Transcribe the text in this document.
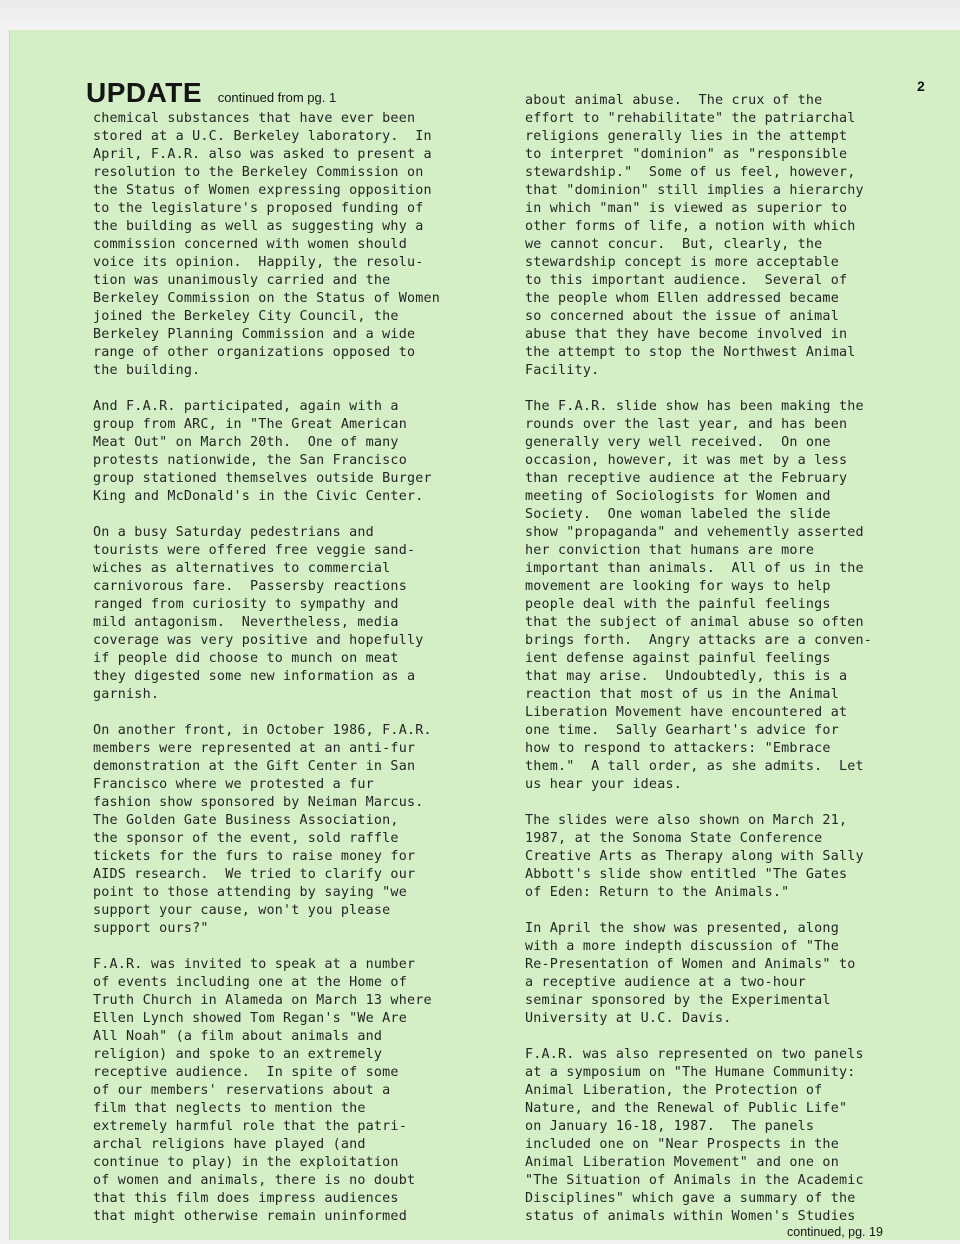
UPDATE continued from pg. 1
2
chemical substances that have ever been
stored at a U.C. Berkeley laboratory.  In
April, F.A.R. also was asked to present a
resolution to the Berkeley Commission on
the Status of Women expressing opposition
to the legislature's proposed funding of
the building as well as suggesting why a
commission concerned with women should
voice its opinion.  Happily, the resolu-
tion was unanimously carried and the
Berkeley Commission on the Status of Women
joined the Berkeley City Council, the
Berkeley Planning Commission and a wide
range of other organizations opposed to
the building.
And F.A.R. participated, again with a
group from ARC, in "The Great American
Meat Out" on March 20th.  One of many
protests nationwide, the San Francisco
group stationed themselves outside Burger
King and McDonald's in the Civic Center.
On a busy Saturday pedestrians and
tourists were offered free veggie sand-
wiches as alternatives to commercial
carnivorous fare.  Passersby reactions
ranged from curiosity to sympathy and
mild antagonism.  Nevertheless, media
coverage was very positive and hopefully
if people did choose to munch on meat
they digested some new information as a
garnish.
On another front, in October 1986, F.A.R.
members were represented at an anti-fur
demonstration at the Gift Center in San
Francisco where we protested a fur
fashion show sponsored by Neiman Marcus.
The Golden Gate Business Association,
the sponsor of the event, sold raffle
tickets for the furs to raise money for
AIDS research.  We tried to clarify our
point to those attending by saying "we
support your cause, won't you please
support ours?"
F.A.R. was invited to speak at a number
of events including one at the Home of
Truth Church in Alameda on March 13 where
Ellen Lynch showed Tom Regan's "We Are
All Noah" (a film about animals and
religion) and spoke to an extremely
receptive audience.  In spite of some
of our members' reservations about a
film that neglects to mention the
extremely harmful role that the patri-
archal religions have played (and
continue to play) in the exploitation
of women and animals, there is no doubt
that this film does impress audiences
that might otherwise remain uninformed
about animal abuse.  The crux of the
effort to "rehabilitate" the patriarchal
religions generally lies in the attempt
to interpret "dominion" as "responsible
stewardship."  Some of us feel, however,
that "dominion" still implies a hierarchy
in which "man" is viewed as superior to
other forms of life, a notion with which
we cannot concur.  But, clearly, the
stewardship concept is more acceptable
to this important audience.  Several of
the people whom Ellen addressed became
so concerned about the issue of animal
abuse that they have become involved in
the attempt to stop the Northwest Animal
Facility.
The F.A.R. slide show has been making the
rounds over the last year, and has been
generally very well received.  On one
occasion, however, it was met by a less
than receptive audience at the February
meeting of Sociologists for Women and
Society.  One woman labeled the slide
show "propaganda" and vehemently asserted
her conviction that humans are more
important than animals.  All of us in the
movement are looking for ways to help
people deal with the painful feelings
that the subject of animal abuse so often
brings forth.  Angry attacks are a conven-
ient defense against painful feelings
that may arise.  Undoubtedly, this is a
reaction that most of us in the Animal
Liberation Movement have encountered at
one time.  Sally Gearhart's advice for
how to respond to attackers: "Embrace
them."  A tall order, as she admits.  Let
us hear your ideas.
The slides were also shown on March 21,
1987, at the Sonoma State Conference
Creative Arts as Therapy along with Sally
Abbott's slide show entitled "The Gates
of Eden: Return to the Animals."
In April the show was presented, along
with a more indepth discussion of "The
Re-Presentation of Women and Animals" to
a receptive audience at a two-hour
seminar sponsored by the Experimental
University at U.C. Davis.
F.A.R. was also represented on two panels
at a symposium on "The Humane Community:
Animal Liberation, the Protection of
Nature, and the Renewal of Public Life"
on January 16-18, 1987.  The panels
included one on "Near Prospects in the
Animal Liberation Movement" and one on
"The Situation of Animals in the Academic
Disciplines" which gave a summary of the
status of animals within Women's Studies
continued, pg. 19
